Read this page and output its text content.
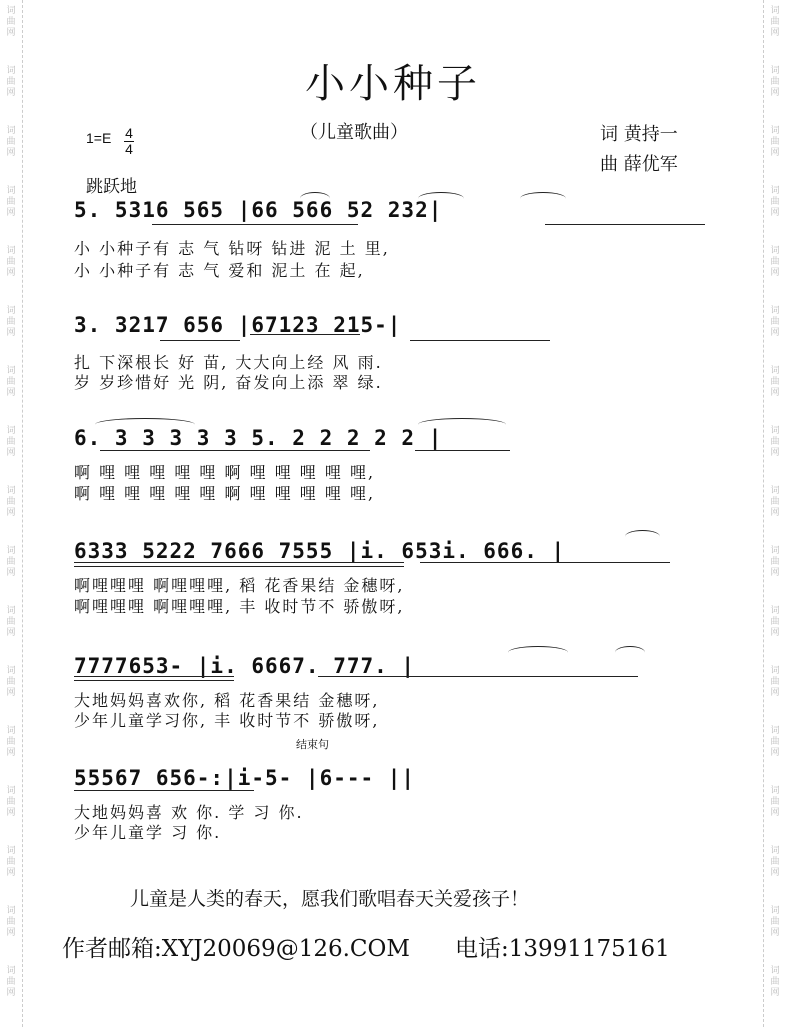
词
曲
网
词
曲
网
词
曲
网
词
曲
网
词
曲
网
词
曲
网
词
曲
网
词
曲
网
词
曲
网
词
曲
网
词
曲
网
词
曲
网
词
曲
网
词
曲
网
词
曲
网
词
曲
网
词
曲
网
词
曲
网
词
曲
网
词
曲
网
词
曲
网
词
曲
网
词
曲
网
词
曲
网
词
曲
网
词
曲
网
词
曲
网
词
曲
网
词
曲
网
词
曲
网
词
曲
网
词
曲
网
词
曲
网
词
曲
网
小小种子
（儿童歌曲）
1=E 4
4
词 黄持一
曲 薛优军
跳跃地
5. 5316 565 |66 566 52 232|
小 小种子有 志 气 钻呀 钻进 泥 土 里,
小 小种子有 志 气 爱和 泥土 在 起,
3. 3217 656 |67123 215-|
扎 下深根长 好 苗, 大大向上经 风 雨.
岁 岁珍惜好 光 阴, 奋发向上添 翠 绿.
6. 3 3 3 3 3 5. 2 2 2 2 2 |
啊 哩 哩 哩 哩 哩 啊 哩 哩 哩 哩 哩,
啊 哩 哩 哩 哩 哩 啊 哩 哩 哩 哩 哩,
6333 5222 7666 7555 |i. 653i. 666. |
啊哩哩哩 啊哩哩哩, 稻 花香果结 金穗呀,
啊哩哩哩 啊哩哩哩, 丰 收时节不 骄傲呀,
7777653- |i. 6667. 777. |
大地妈妈喜欢你, 稻 花香果结 金穗呀,
少年儿童学习你, 丰 收时节不 骄傲呀,
结束句
55567 656-:|i-5- |6--- ||
大地妈妈喜 欢 你. 学 习 你.
少年儿童学 习 你.
儿童是人类的春天，愿我们歌唱春天关爱孩子！
作者邮箱:XYJ20069@126.COM 电话:13991175161
